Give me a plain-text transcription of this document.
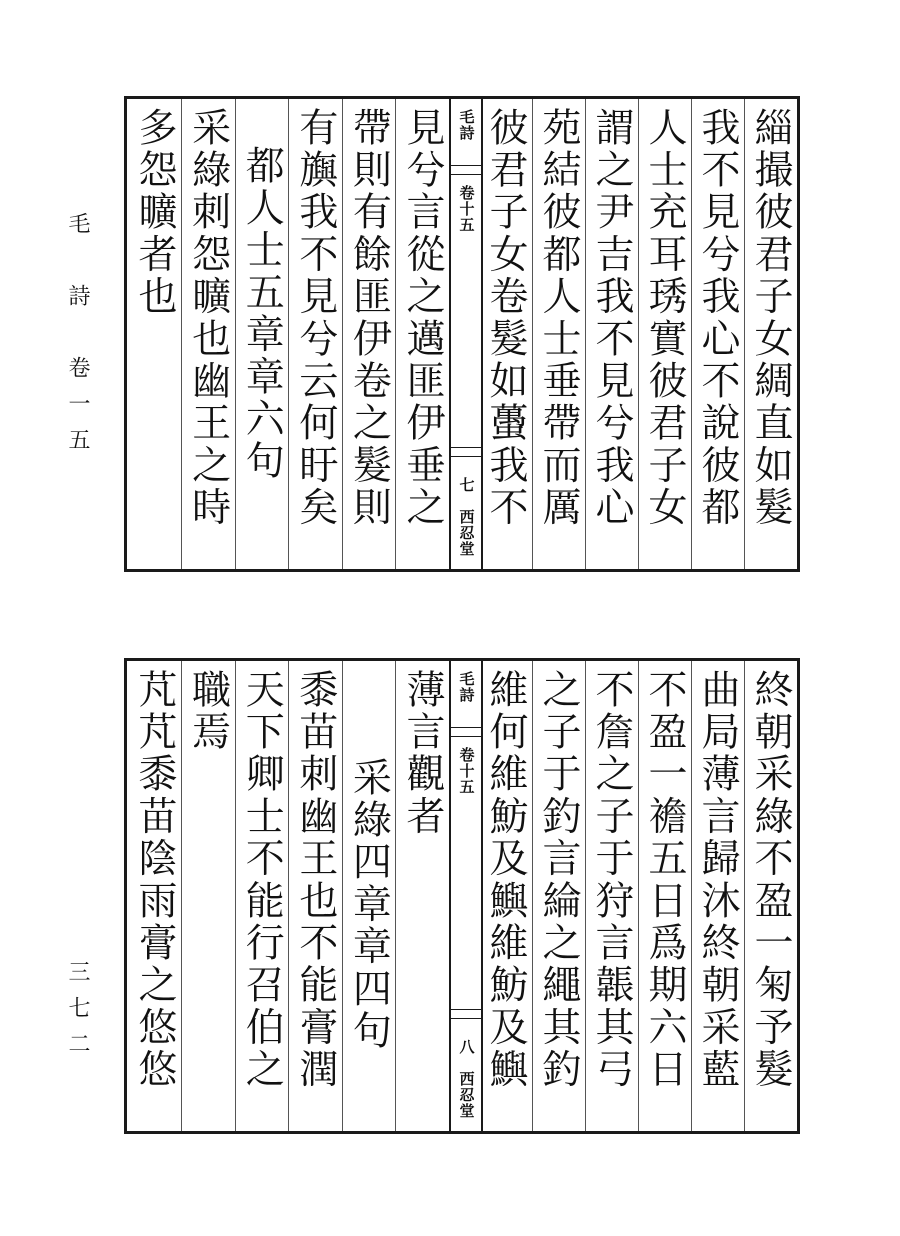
毛　詩　卷一五
三七二
緇撮彼君子女綢直如髮
我不見兮我心不說彼都
人士充耳琇實彼君子女
謂之尹吉我不見兮我心
苑結彼都人士垂帶而厲
彼君子女卷髮如蠆我不
毛詩
卷十五
七　西忍堂
見兮言從之邁匪伊垂之
帶則有餘匪伊卷之髮則
有旟我不見兮云何盱矣
都人士五章章六句
采綠刺怨曠也幽王之時
多怨曠者也
終朝采綠不盈一匊予髮
曲局薄言歸沐終朝采藍
不盈一襜五日爲期六日
不詹之子于狩言韔其弓
之子于釣言綸之繩其釣
維何維魴及鱮維魴及鱮
毛詩
卷十五
八　西忍堂
薄言觀者
采綠四章章四句
黍苗刺幽王也不能膏潤
天下卿士不能行召伯之
職焉
芃芃黍苗陰雨膏之悠悠
